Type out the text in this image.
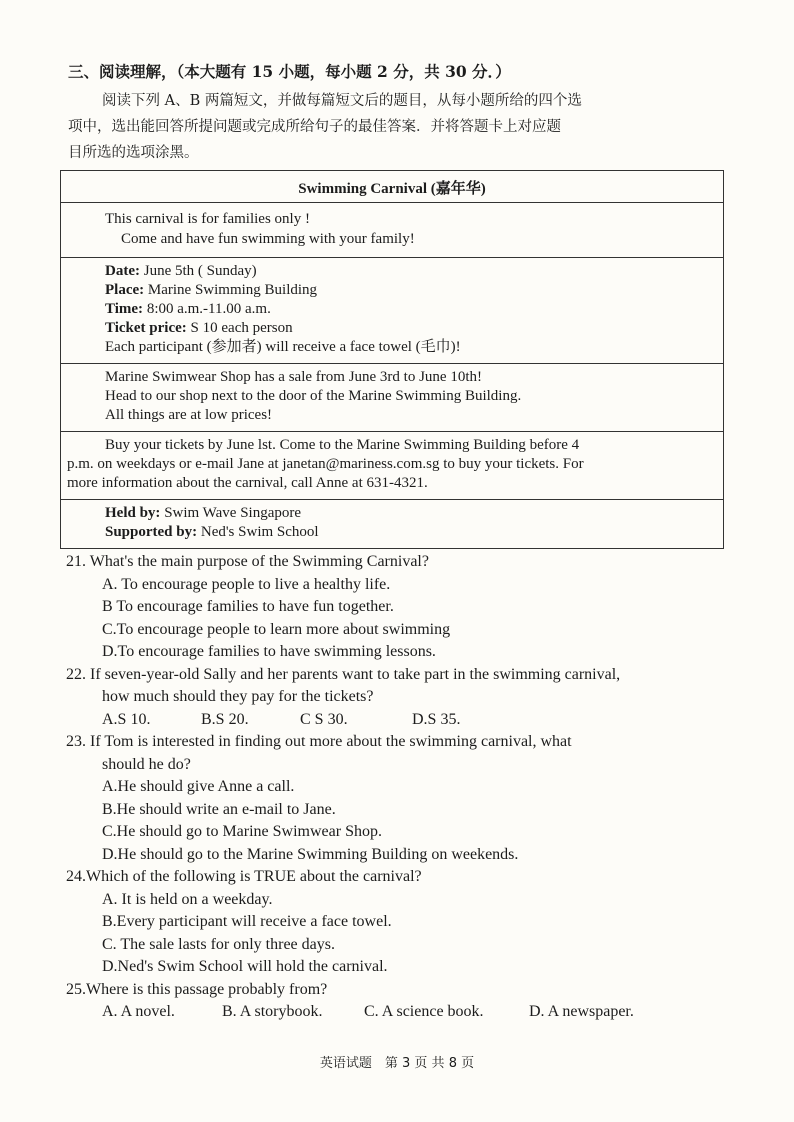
三、阅读理解，（本大题有 15 小题，每小题 2 分，共 30 分．）
阅读下列 A、B 两篇短文，并做每篇短文后的题目，从每小题所给的四个选
项中，选出能回答所提问题或完成所给句子的最佳答案．并将答题卡上对应题
目所选的选项涂黑。
Swimming Carnival (嘉年华)
This carnival is for families only !
Come and have fun swimming with your family!
Date: June 5th ( Sunday)
Place: Marine Swimming Building
Time: 8:00 a.m.-11.00 a.m.
Ticket price: S 10 each person
Each participant (参加者) will receive a face towel (毛巾)!
Marine Swimwear Shop has a sale from June 3rd to June 10th!
Head to our shop next to the door of the Marine Swimming Building.
All things are at low prices!
Buy your tickets by June lst. Come to the Marine Swimming Building before 4
p.m. on weekdays or e-mail Jane at janetan@mariness.com.sg to buy your tickets. For
more information about the carnival, call Anne at 631-4321.
Held by: Swim Wave Singapore
Supported by: Ned's Swim School
21. What's the main purpose of the Swimming Carnival?
A. To encourage people to live a healthy life.
B To encourage families to have fun together.
C.To encourage people to learn more about swimming
D.To encourage families to have swimming lessons.
22. If seven-year-old Sally and her parents want to take part in the swimming carnival,
how much should they pay for the tickets?
A.S 10.	B.S 20.	C S 30.	D.S 35.
23. If Tom is interested in finding out more about the swimming carnival, what
should he do?
A.He should give Anne a call.
B.He should write an e-mail to Jane.
C.He should go to Marine Swimwear Shop.
D.He should go to the Marine Swimming Building on weekends.
24.Which of the following is TRUE about the carnival?
A. It is held on a weekday.
B.Every participant will receive a face towel.
C. The sale lasts for only three days.
D.Ned's Swim School will hold the carnival.
25.Where is this passage probably from?
A. A novel.	B. A storybook.	C. A science book.	D. A newspaper.
英语试题　第 3 页 共 8 页
